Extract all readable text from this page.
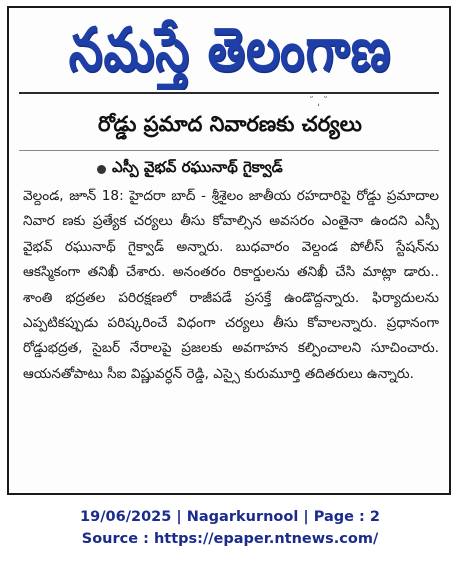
నమస్తే తెలంగాణ
˘ ͵ ˘
రోడ్డు ప్రమాద నివారణకు చర్యలు
ఎస్పీ వైభవ్ రఘునాథ్ గైక్వాడ్

వెల్దండ, జూన్ 18: హైదరా బాద్ - శ్రీశైలం జాతీయ రహదారిపై రోడ్డు ప్రమాదాల నివార ణకు ప్రత్యేక చర్యలు తీసు కోవాల్సిన అవసరం ఎంతైనా ఉందని ఎస్పీ వైభవ్ రఘునాథ్ గైక్వాడ్ అన్నారు. బుధవారం వెల్దండ పోలీస్ స్టేషన్‌ను ఆకస్మికంగా తనిఖీ చేశారు. అనంతరం రికార్డులను తనిఖీ చేసి మాట్లా డారు.. శాంతి భద్రతల పరిరక్షణలో రాజీపడే ప్రసక్తే ఉండొద్దన్నారు. ఫిర్యాదులను ఎప్పటికప్పుడు పరిష్కరించే విధంగా చర్యలు తీసు కోవాలన్నారు. ప్రధానంగా రోడ్డుభద్రత, సైబర్ నేరాలపై ప్రజలకు అవగాహన కల్పించాలని సూచించారు. ఆయనతోపాటు సీఐ విష్ణువర్ధన్ రెడ్డి, ఎస్సై కురుమూర్తి తదితరులు ఉన్నారు.

19/06/2025 | Nagarkurnool | Page : 2
Source : https://epaper.ntnews.com/
